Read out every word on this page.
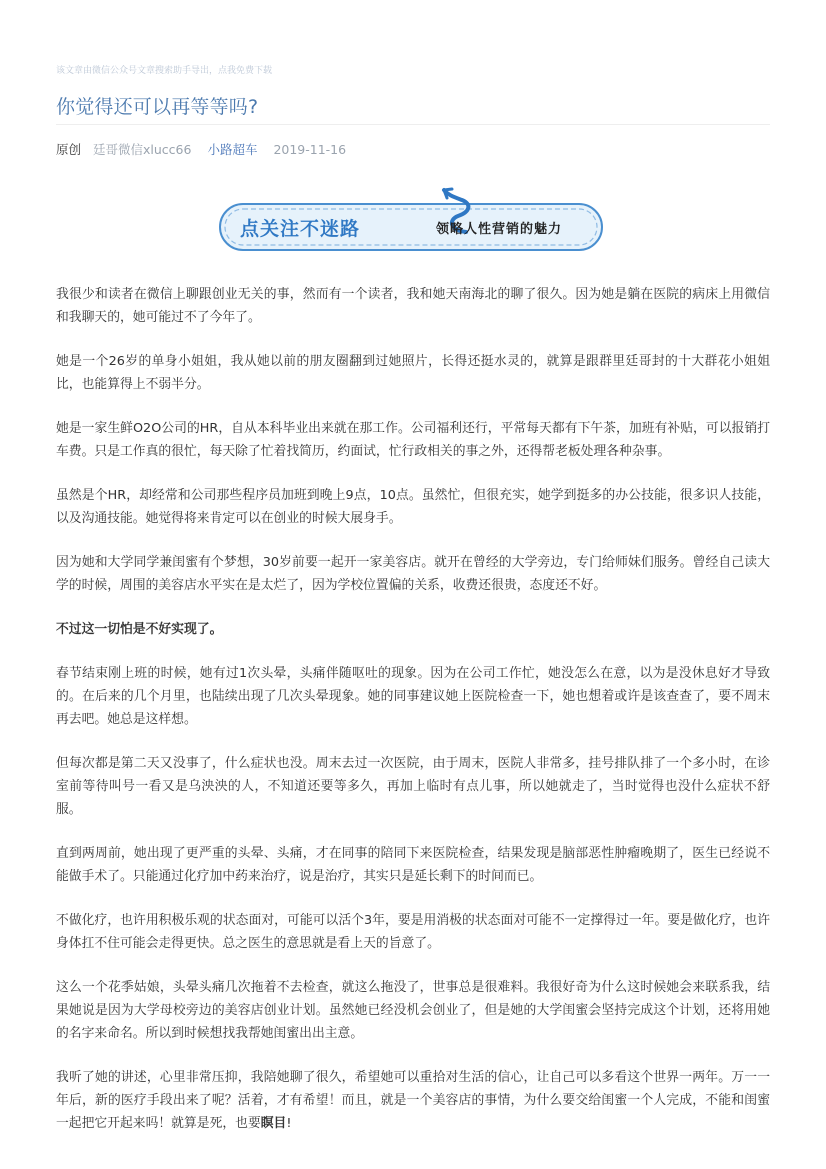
该文章由微信公众号文章搜索助手导出，点我免费下载
你觉得还可以再等等吗?
原创 廷哥微信xlucc66 小路超车 2019-11-16
点关注不迷路	领略人性营销的魅力

我很少和读者在微信上聊跟创业无关的事，然而有一个读者，我和她天南海北的聊了很久。因为她是躺在医院的病床上用微信和我聊天的，她可能过不了今年了。

她是一个26岁的单身小姐姐，我从她以前的朋友圈翻到过她照片，长得还挺水灵的，就算是跟群里廷哥封的十大群花小姐姐比，也能算得上不弱半分。

她是一家生鲜O2O公司的HR，自从本科毕业出来就在那工作。公司福利还行，平常每天都有下午茶，加班有补贴，可以报销打车费。只是工作真的很忙，每天除了忙着找简历，约面试，忙行政相关的事之外，还得帮老板处理各种杂事。

虽然是个HR，却经常和公司那些程序员加班到晚上9点，10点。虽然忙，但很充实，她学到挺多的办公技能，很多识人技能，以及沟通技能。她觉得将来肯定可以在创业的时候大展身手。

因为她和大学同学兼闺蜜有个梦想，30岁前要一起开一家美容店。就开在曾经的大学旁边，专门给师妹们服务。曾经自己读大学的时候，周围的美容店水平实在是太烂了，因为学校位置偏的关系，收费还很贵，态度还不好。

不过这一切怕是不好实现了。

春节结束刚上班的时候，她有过1次头晕，头痛伴随呕吐的现象。因为在公司工作忙，她没怎么在意，以为是没休息好才导致的。在后来的几个月里，也陆续出现了几次头晕现象。她的同事建议她上医院检查一下，她也想着或许是该查查了，要不周末再去吧。她总是这样想。

但每次都是第二天又没事了，什么症状也没。周末去过一次医院，由于周末，医院人非常多，挂号排队排了一个多小时，在诊室前等待叫号一看又是乌泱泱的人，不知道还要等多久，再加上临时有点儿事，所以她就走了，当时觉得也没什么症状不舒服。

直到两周前，她出现了更严重的头晕、头痛，才在同事的陪同下来医院检查，结果发现是脑部恶性肿瘤晚期了，医生已经说不能做手术了。只能通过化疗加中药来治疗，说是治疗，其实只是延长剩下的时间而已。

不做化疗，也许用积极乐观的状态面对，可能可以活个3年，要是用消极的状态面对可能不一定撑得过一年。要是做化疗，也许身体扛不住可能会走得更快。总之医生的意思就是看上天的旨意了。

这么一个花季姑娘，头晕头痛几次拖着不去检查，就这么拖没了，世事总是很难料。我很好奇为什么这时候她会来联系我，结果她说是因为大学母校旁边的美容店创业计划。虽然她已经没机会创业了，但是她的大学闺蜜会坚持完成这个计划，还将用她的名字来命名。所以到时候想找我帮她闺蜜出出主意。

我听了她的讲述，心里非常压抑，我陪她聊了很久，希望她可以重拾对生活的信心，让自己可以多看这个世界一两年。万一一年后，新的医疗手段出来了呢？活着，才有希望！而且，就是一个美容店的事情，为什么要交给闺蜜一个人完成，不能和闺蜜一起把它开起来吗！就算是死，也要瞑目!
